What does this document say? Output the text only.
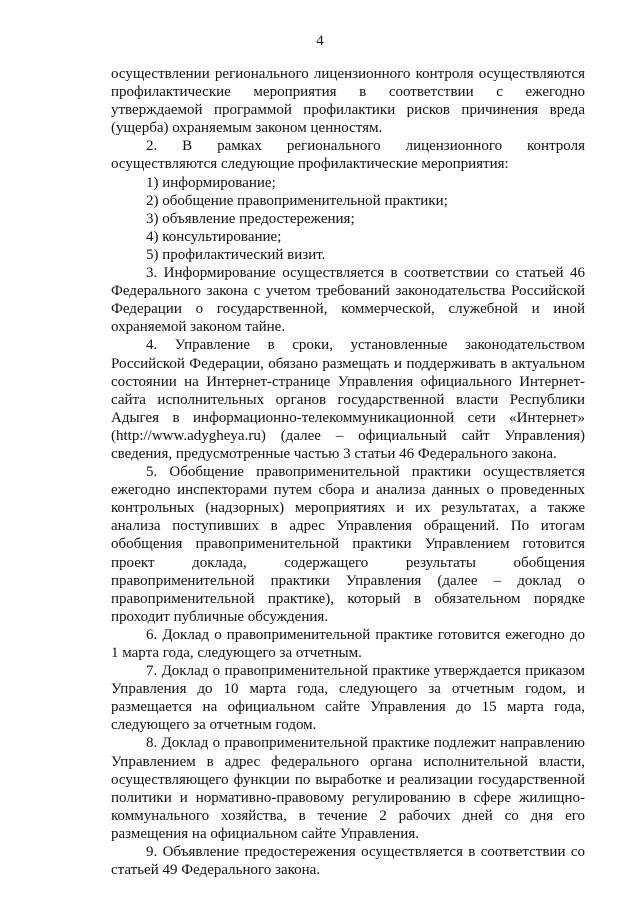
4

осуществлении регионального лицензионного контроля осуществляются профилактические мероприятия в соответствии с ежегодно утверждаемой программой профилактики рисков причинения вреда (ущерба) охраняемым законом ценностям.

2. В рамках регионального лицензионного контроля осуществляются следующие профилактические мероприятия:

1) информирование;

2) обобщение правоприменительной практики;

3) объявление предостережения;

4) консультирование;

5) профилактический визит.

3. Информирование осуществляется в соответствии со статьей 46 Федерального закона с учетом требований законодательства Российской Федерации о государственной, коммерческой, служебной и иной охраняемой законом тайне.

4. Управление в сроки, установленные законодательством Российской Федерации, обязано размещать и поддерживать в актуальном состоянии на Интернет-странице Управления официального Интернет-сайта исполнительных органов государственной власти Республики Адыгея в информационно-телекоммуникационной сети «Интернет» (http://www.adygheya.ru) (далее – официальный сайт Управления) сведения, предусмотренные частью 3 статьи 46 Федерального закона.

5. Обобщение правоприменительной практики осуществляется ежегодно инспекторами путем сбора и анализа данных о проведенных контрольных (надзорных) мероприятиях и их результатах, а также анализа поступивших в адрес Управления обращений. По итогам обобщения правоприменительной практики Управлением готовится проект доклада, содержащего результаты обобщения правоприменительной практики Управления (далее – доклад о правоприменительной практике), который в обязательном порядке проходит публичные обсуждения.

6. Доклад о правоприменительной практике готовится ежегодно до 1 марта года, следующего за отчетным.

7. Доклад о правоприменительной практике утверждается приказом Управления до 10 марта года, следующего за отчетным годом, и размещается на официальном сайте Управления до 15 марта года, следующего за отчетным годом.

8. Доклад о правоприменительной практике подлежит направлению Управлением в адрес федерального органа исполнительной власти, осуществляющего функции по выработке и реализации государственной политики и нормативно-правовому регулированию в сфере жилищно-коммунального хозяйства, в течение 2 рабочих дней со дня его размещения на официальном сайте Управления.

9. Объявление предостережения осуществляется в соответствии со статьей 49 Федерального закона.
